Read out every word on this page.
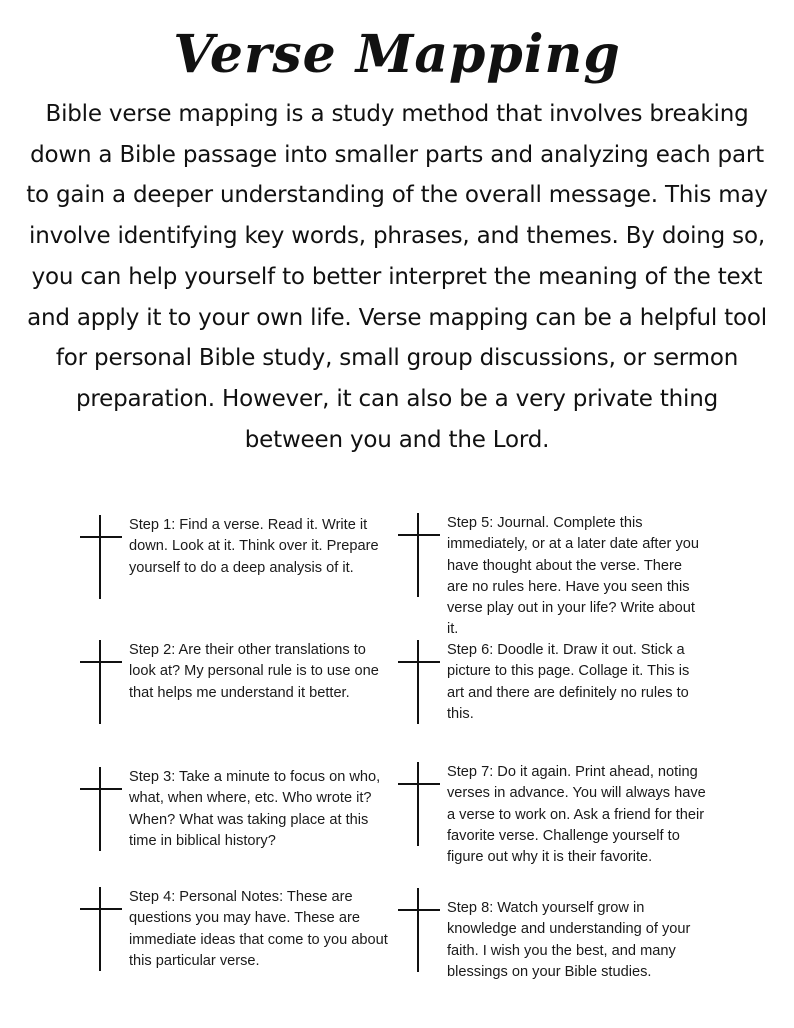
Verse Mapping
Bible verse mapping is a study method that involves breaking down a Bible passage into smaller parts and analyzing each part to gain a deeper understanding of the overall message. This may involve identifying key words, phrases, and themes. By doing so, you can help yourself to better interpret the meaning of the text and apply it to your own life. Verse mapping can be a helpful tool for personal Bible study, small group discussions, or sermon preparation. However, it can also be a very private thing between you and the Lord.
Step 1: Find a verse. Read it. Write it down. Look at it. Think over it. Prepare yourself to do a deep analysis of it.
Step 2: Are their other translations to look at? My personal rule is to use one that helps me understand it better.
Step 3: Take a minute to focus on who, what, when where, etc. Who wrote it? When? What was taking place at this time in biblical history?
Step 4: Personal Notes: These are questions you may have. These are immediate ideas that come to you about this particular verse.
Step 5: Journal. Complete this immediately, or at a later date after you have thought about the verse. There are no rules here. Have you seen this verse play out in your life? Write about it.
Step 6: Doodle it. Draw it out. Stick a picture to this page. Collage it. This is art and there are definitely no rules to this.
Step 7: Do it again. Print ahead, noting verses in advance. You will always have a verse to work on. Ask a friend for their favorite verse. Challenge yourself to figure out why it is their favorite.
Step 8: Watch yourself grow in knowledge and understanding of your faith. I wish you the best, and many blessings on your Bible studies.
